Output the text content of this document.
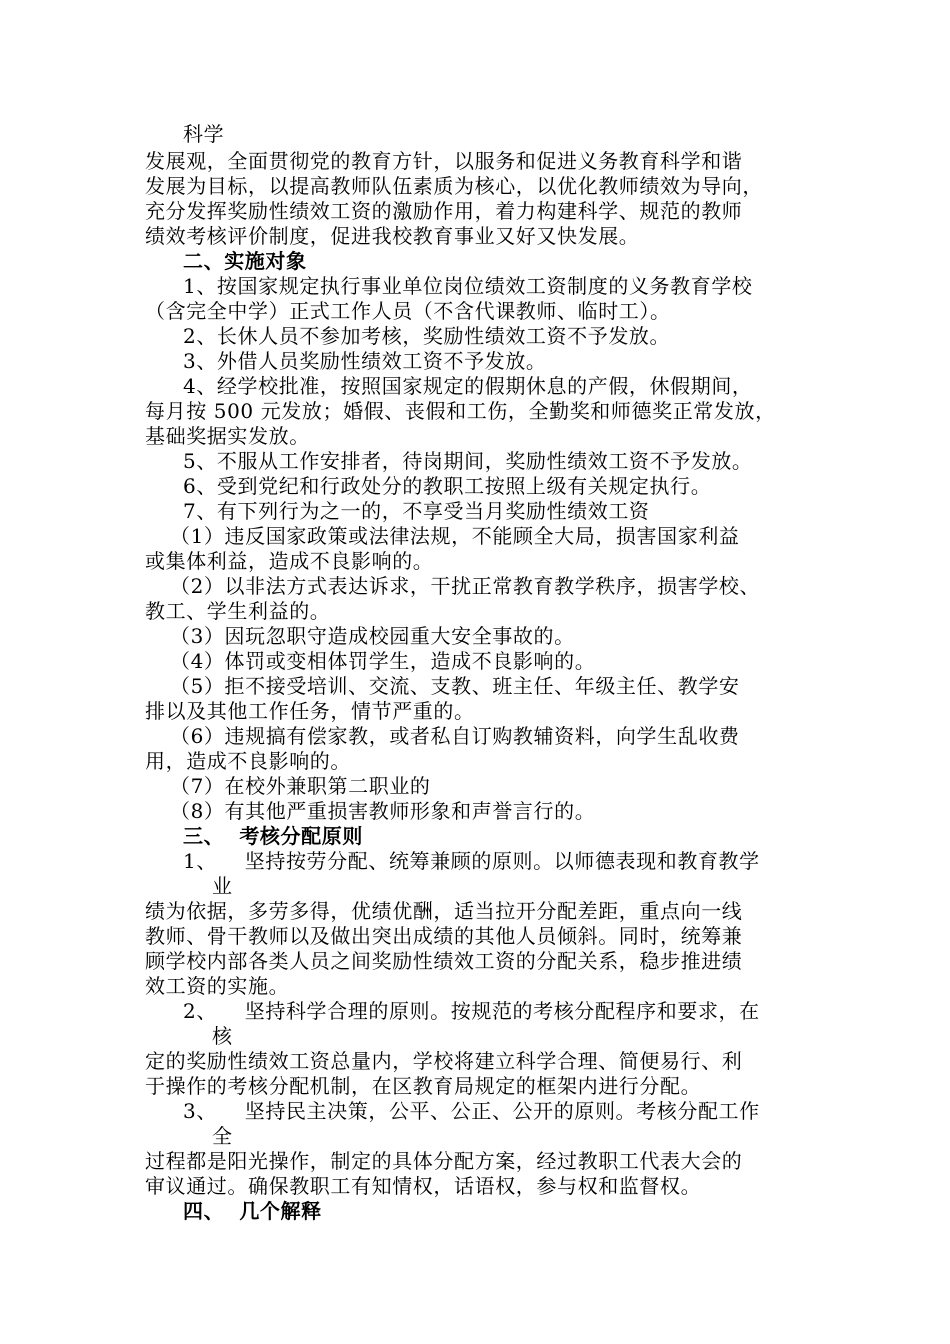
科学
发展观，全面贯彻党的教育方针，以服务和促进义务教育科学和谐
发展为目标，以提高教师队伍素质为核心，以优化教师绩效为导向，
充分发挥奖励性绩效工资的激励作用，着力构建科学、规范的教师
绩效考核评价制度，促进我校教育事业又好又快发展。
二、实施对象
1、按国家规定执行事业单位岗位绩效工资制度的义务教育学校
（含完全中学）正式工作人员（不含代课教师、临时工）。
2、长休人员不参加考核，奖励性绩效工资不予发放。
3、外借人员奖励性绩效工资不予发放。
4、经学校批准，按照国家规定的假期休息的产假，休假期间，
每月按 500 元发放；婚假、丧假和工伤，全勤奖和师德奖正常发放，
基础奖据实发放。
5、不服从工作安排者，待岗期间，奖励性绩效工资不予发放。
6、受到党纪和行政处分的教职工按照上级有关规定执行。
7、有下列行为之一的，不享受当月奖励性绩效工资
（1）违反国家政策或法律法规，不能顾全大局，损害国家利益
或集体利益，造成不良影响的。
（2）以非法方式表达诉求，干扰正常教育教学秩序，损害学校、
教工、学生利益的。
（3）因玩忽职守造成校园重大安全事故的。
（4）体罚或变相体罚学生，造成不良影响的。
（5）拒不接受培训、交流、支教、班主任、年级主任、教学安
排以及其他工作任务，情节严重的。
（6）违规搞有偿家教，或者私自订购教辅资料，向学生乱收费
用，造成不良影响的。
（7）在校外兼职第二职业的
（8）有其他严重损害教师形象和声誉言行的。
三、  考核分配原则
1、    坚持按劳分配、统筹兼顾的原则。以师德表现和教育教学
业
绩为依据，多劳多得，优绩优酬，适当拉开分配差距，重点向一线
教师、骨干教师以及做出突出成绩的其他人员倾斜。同时，统筹兼
顾学校内部各类人员之间奖励性绩效工资的分配关系，稳步推进绩
效工资的实施。
2、    坚持科学合理的原则。按规范的考核分配程序和要求，在
核
定的奖励性绩效工资总量内，学校将建立科学合理、简便易行、利
于操作的考核分配机制，在区教育局规定的框架内进行分配。
3、    坚持民主决策，公平、公正、公开的原则。考核分配工作
全
过程都是阳光操作，制定的具体分配方案，经过教职工代表大会的
审议通过。确保教职工有知情权，话语权，参与权和监督权。
四、  几个解释
